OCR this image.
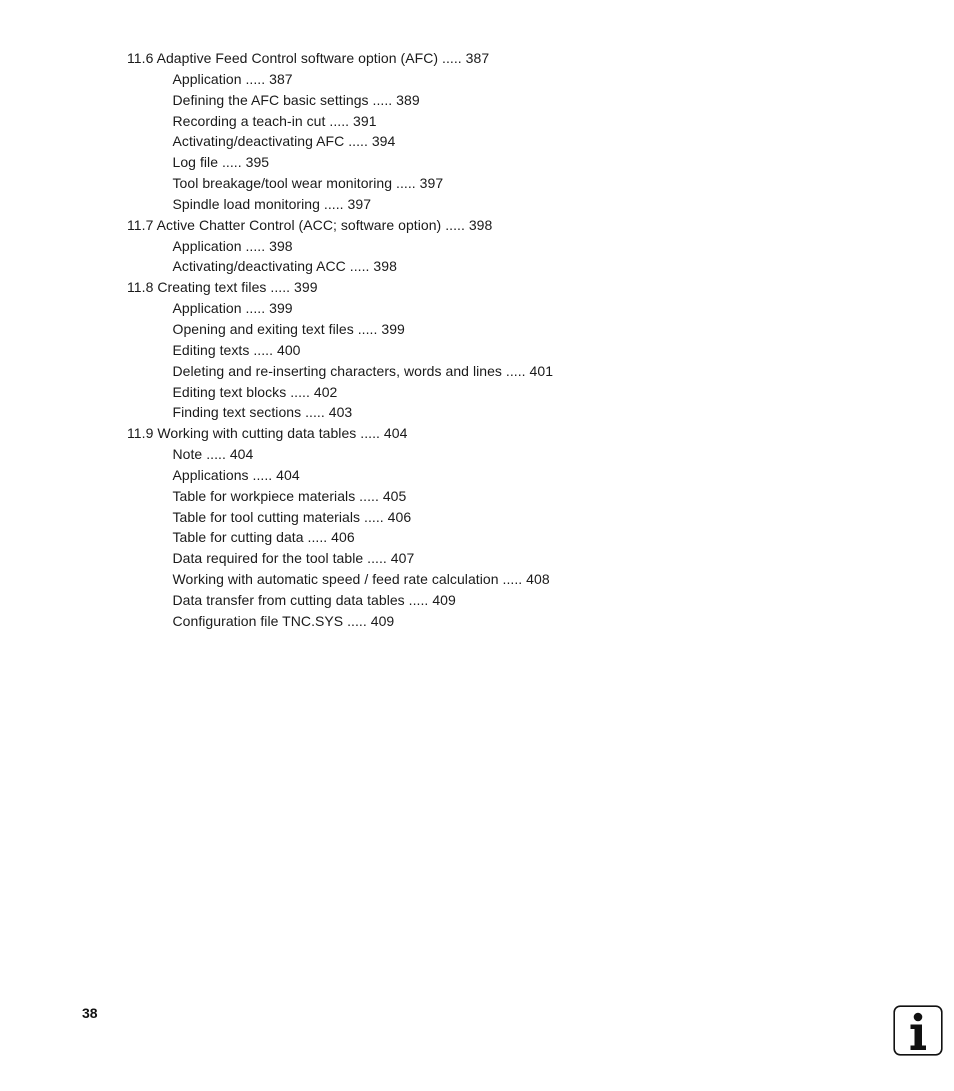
11.6 Adaptive Feed Control software option (AFC) ..... 387
Application ..... 387
Defining the AFC basic settings ..... 389
Recording a teach-in cut ..... 391
Activating/deactivating AFC ..... 394
Log file ..... 395
Tool breakage/tool wear monitoring ..... 397
Spindle load monitoring ..... 397
11.7 Active Chatter Control (ACC; software option) ..... 398
Application ..... 398
Activating/deactivating ACC ..... 398
11.8 Creating text files ..... 399
Application ..... 399
Opening and exiting text files ..... 399
Editing texts ..... 400
Deleting and re-inserting characters, words and lines ..... 401
Editing text blocks ..... 402
Finding text sections ..... 403
11.9 Working with cutting data tables ..... 404
Note ..... 404
Applications ..... 404
Table for workpiece materials ..... 405
Table for tool cutting materials ..... 406
Table for cutting data ..... 406
Data required for the tool table ..... 407
Working with automatic speed / feed rate calculation ..... 408
Data transfer from cutting data tables ..... 409
Configuration file TNC.SYS ..... 409
38
